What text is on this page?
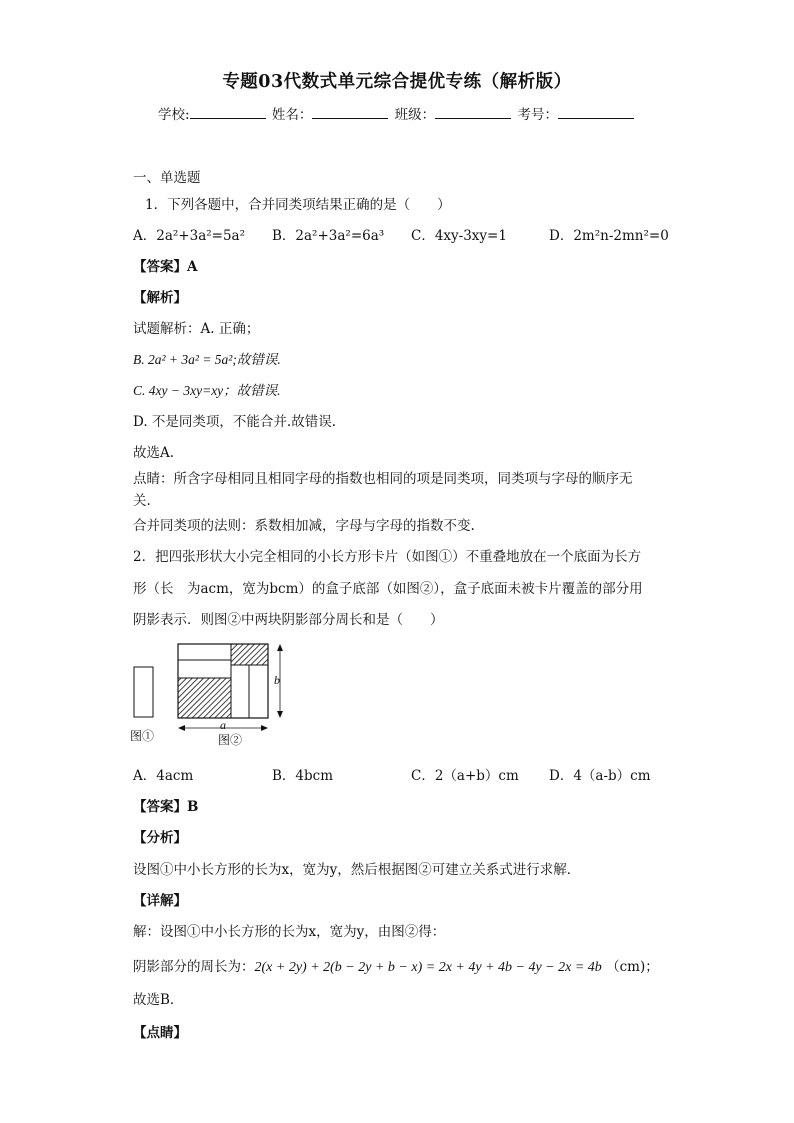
专题03代数式单元综合提优专练（解析版）
学校:	姓名：	班级：	考号：
一、单选题
1．下列各题中，合并同类项结果正确的是（　　）
A．2a²+3a²=5a² B．2a²+3a²=6a³ C．4xy-3xy=1	D．2m²n-2mn²=0
【答案】A
【解析】
试题解析：A. 正确；
B. 2a² + 3a² = 5a²;故错误.
C. 4xy − 3xy=xy；故错误.
D. 不是同类项，不能合并.故错误.
故选A.
点睛：所含字母相同且相同字母的指数也相同的项是同类项，同类项与字母的顺序无
关.
合并同类项的法则：系数相加减，字母与字母的指数不变.
2．把四张形状大小完全相同的小长方形卡片（如图①）不重叠地放在一个底面为长方
形（长　为acm，宽为bcm）的盒子底部（如图②），盒子底面未被卡片覆盖的部分用
阴影表示．则图②中两块阴影部分周长和是（　　）
图①
b
a
图②
A．4acm	B．4bcm	C．2（a+b）cm D．4（a-b）cm
【答案】B
【分析】
设图①中小长方形的长为x，宽为y，然后根据图②可建立关系式进行求解．
【详解】
解：设图①中小长方形的长为x，宽为y，由图②得：
阴影部分的周长为：2(x + 2y) + 2(b − 2y + b − x) = 2x + 4y + 4b − 4y − 2x = 4b （cm)；
故选B．
【点睛】
